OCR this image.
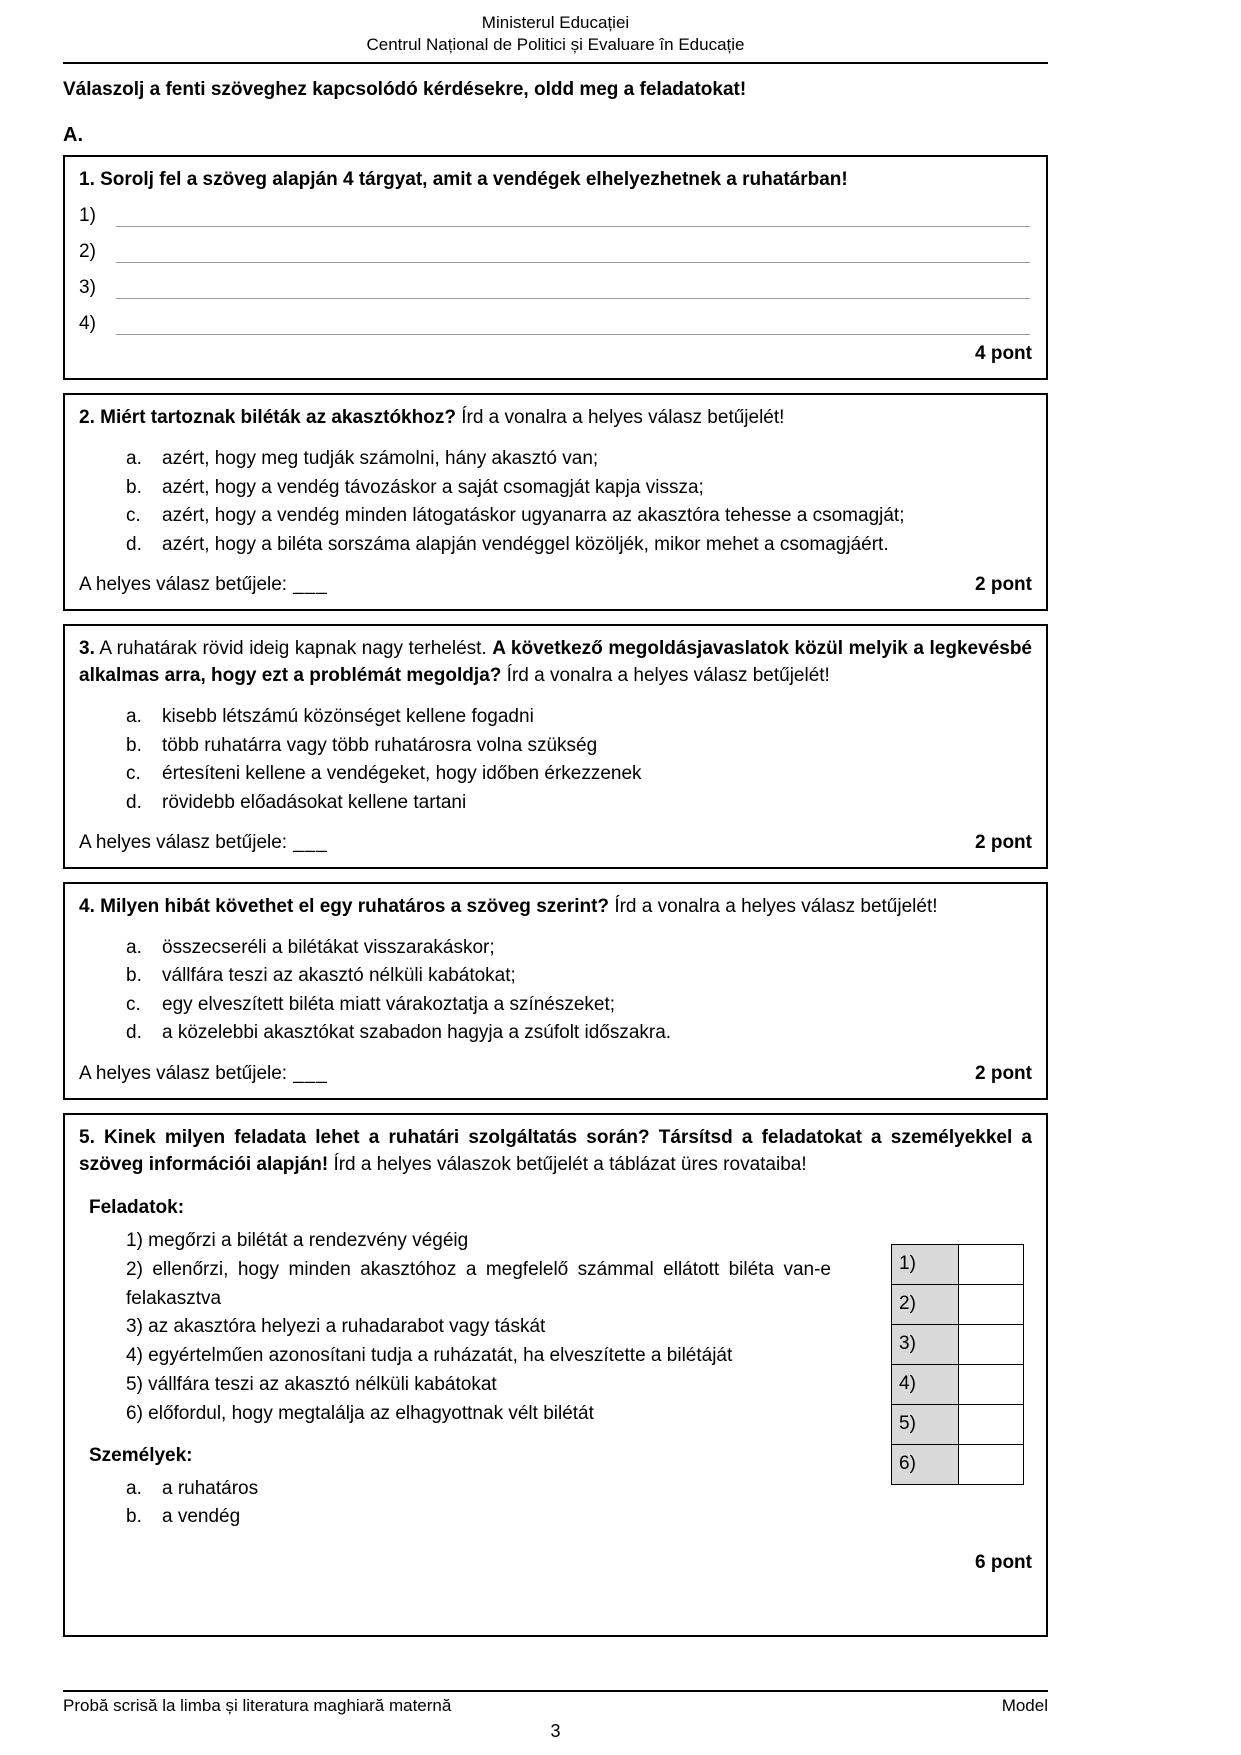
Ministerul Educației
Centrul Național de Politici și Evaluare în Educație

Válaszolj a fenti szöveghez kapcsolódó kérdésekre, oldd meg a feladatokat!

A.

1. Sorolj fel a szöveg alapján 4 tárgyat, amit a vendégek elhelyezhetnek a ruhatárban!

1)
2)
3)
4)
4 pont

2. Miért tartoznak biléták az akasztókhoz? Írd a vonalra a helyes válasz betűjelét!

a.	azért, hogy meg tudják számolni, hány akasztó van;
b.	azért, hogy a vendég távozáskor a saját csomagját kapja vissza;
c.	azért, hogy a vendég minden látogatáskor ugyanarra az akasztóra tehesse a csomagját;
d.	azért, hogy a biléta sorszáma alapján vendéggel közöljék, mikor mehet a csomagjáért.
A helyes válasz betűjele: ___	2 pont

3. A ruhatárak rövid ideig kapnak nagy terhelést. A következő megoldásjavaslatok közül melyik a legkevésbé alkalmas arra, hogy ezt a problémát megoldja? Írd a vonalra a helyes válasz betűjelét!

a.	kisebb létszámú közönséget kellene fogadni
b.	több ruhatárra vagy több ruhatárosra volna szükség
c.	értesíteni kellene a vendégeket, hogy időben érkezzenek
d.	rövidebb előadásokat kellene tartani
A helyes válasz betűjele: ___	2 pont

4. Milyen hibát követhet el egy ruhatáros a szöveg szerint? Írd a vonalra a helyes válasz betűjelét!

a.	összecseréli a bilétákat visszarakáskor;
b.	vállfára teszi az akasztó nélküli kabátokat;
c.	egy elveszített biléta miatt várakoztatja a színészeket;
d.	a közelebbi akasztókat szabadon hagyja a zsúfolt időszakra.
A helyes válasz betűjele: ___	2 pont

5. Kinek milyen feladata lehet a ruhatári szolgáltatás során? Társítsd a feladatokat a személyekkel a szöveg információi alapján! Írd a helyes válaszok betűjelét a táblázat üres rovataiba!

Feladatok:

1) megőrzi a bilétát a rendezvény végéig
2) ellenőrzi, hogy minden akasztóhoz a megfelelő számmal ellátott biléta van-e felakasztva
3) az akasztóra helyezi a ruhadarabot vagy táskát
4) egyértelműen azonosítani tudja a ruházatát, ha elveszítette a bilétáját
5) vállfára teszi az akasztó nélküli kabátokat
6) előfordul, hogy megtalálja az elhagyottnak vélt bilétát

Személyek:

a.	a ruhatáros
b.	a vendég
1)	
2)	
3)	
4)	
5)	
6)	
6 pont
Probă scrisă la limba și literatura maghiară maternă	Model
3
